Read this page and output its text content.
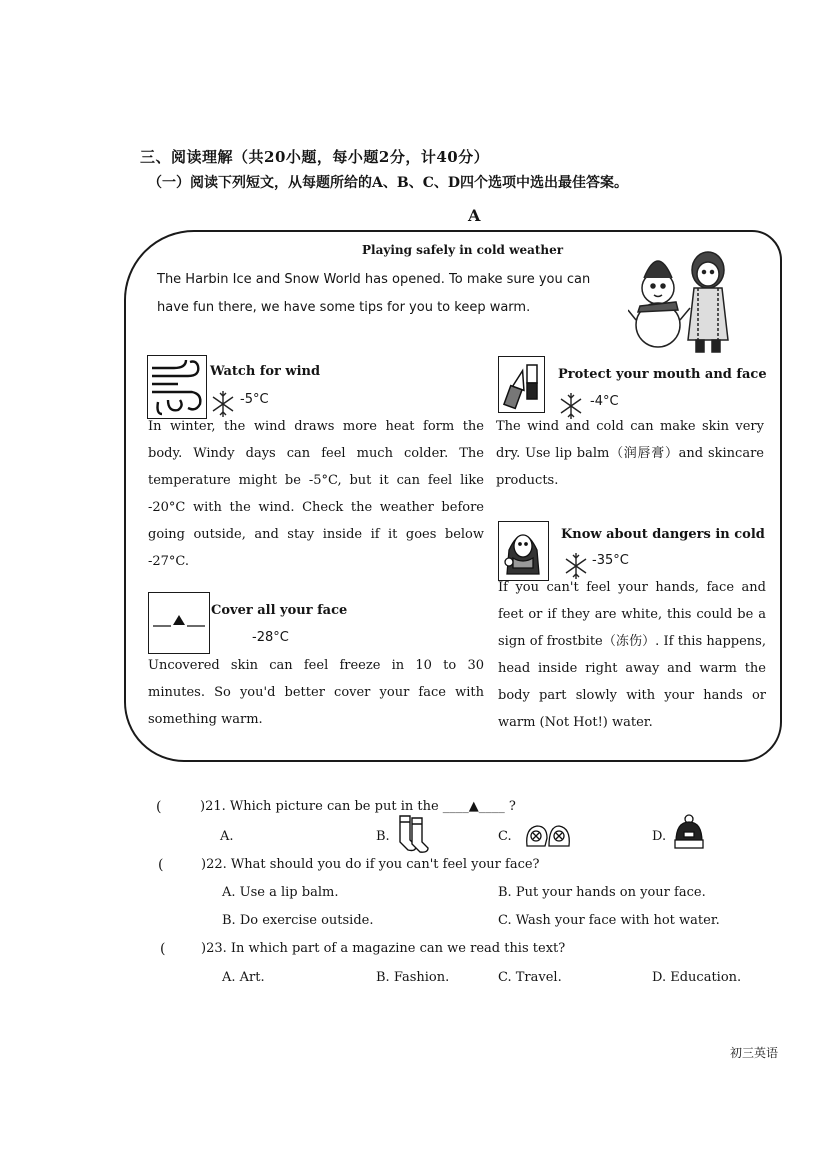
三、阅读理解（共20小题，每小题2分，计40分）
（一）阅读下列短文，从每题所给的A、B、C、D四个选项中选出最佳答案。
A
Playing safely in cold weather
The Harbin Ice and Snow World has opened. To make sure you can have fun there, we have some tips for you to keep warm.
Watch for wind
-5°C
In winter, the wind draws more heat form the body. Windy days can feel much colder. The temperature might be -5°C, but it can feel like -20°C with the wind. Check the weather before going outside, and stay inside if it goes below -27°C.
Protect your mouth and face
-4°C
The wind and cold can make skin very dry. Use lip balm（润唇膏）and skincare products.
Know about dangers in cold
-35°C
If you can't feel your hands, face and feet or if they are white, this could be a sign of frostbite（冻伤）. If this happens, head inside right away and warm the body part slowly with your hands or warm (Not Hot!) water.
Cover all your face
-28°C
Uncovered skin can feel freeze in 10 to 30 minutes. So you'd better cover your face with something warm.
(	)21. Which picture can be put in the ____▲____ ?
A.	B.	C.	D.
(	)22. What should you do if you can't feel your face?
A. Use a lip balm.	B. Put your hands on your face.
B. Do exercise outside.	C. Wash your face with hot water.
(	)23. In which part of a magazine can we read this text?
A. Art.	B. Fashion.	C. Travel.	D. Education.
初三英语
